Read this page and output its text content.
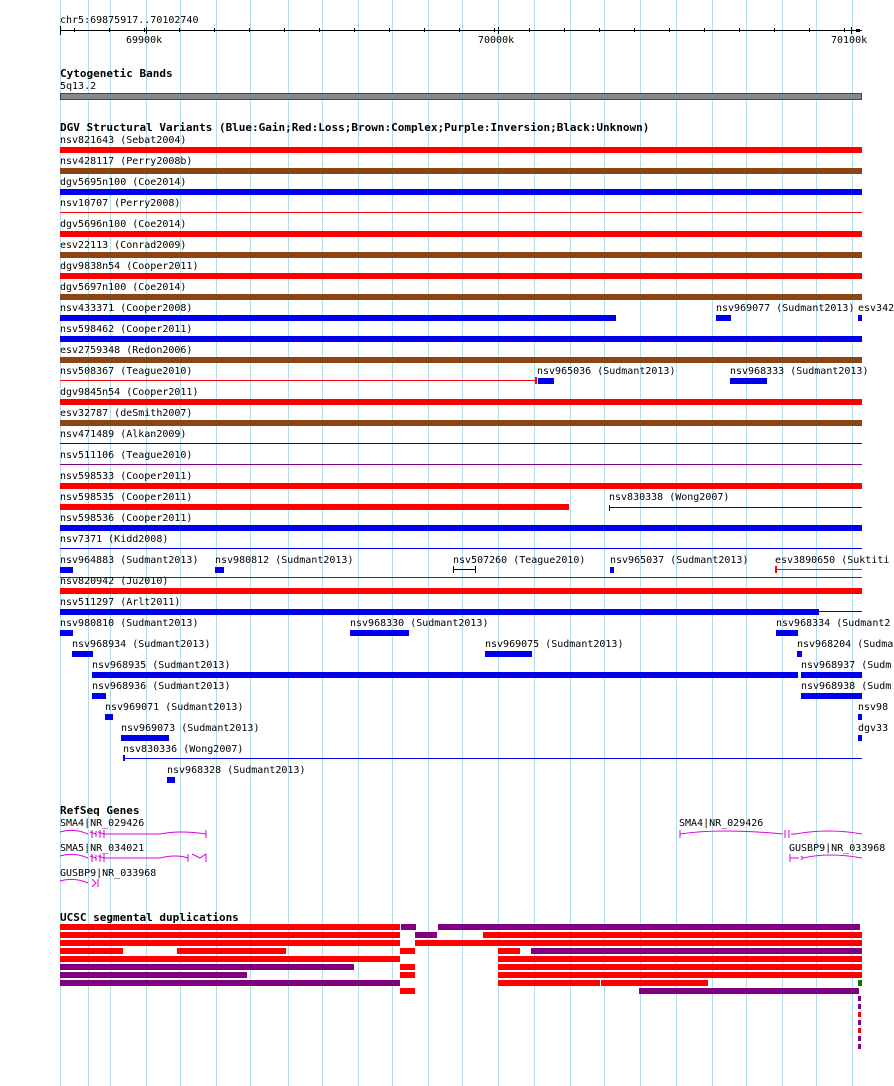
chr5:69875917..70102740
69900k	70000k	70100k
Cytogenetic Bands
5q13.2
DGV Structural Variants (Blue:Gain;Red:Loss;Brown:Complex;Purple:Inversion;Black:Unknown)
nsv821643 (Sebat2004)
nsv428117 (Perry2008b)
dgv5695n100 (Coe2014)
nsv10707 (Perry2008)
dgv5696n100 (Coe2014)
esv22113 (Conrad2009)
dgv9838n54 (Cooper2011)
dgv5697n100 (Coe2014)
nsv433371 (Cooper2008)	nsv969077 (Sudmant2013) esv342
nsv598462 (Cooper2011)
esv2759348 (Redon2006)
nsv508367 (Teague2010)	nsv965036 (Sudmant2013)	nsv968333 (Sudmant2013)
dgv9845n54 (Cooper2011)
esv32787 (deSmith2007)
nsv471489 (Alkan2009)
nsv511106 (Teague2010)
nsv598533 (Cooper2011)
nsv598535 (Cooper2011)	nsv830338 (Wong2007)
nsv598536 (Cooper2011)
nsv7371 (Kidd2008)
nsv964883 (Sudmant2013) nsv980812 (Sudmant2013)	nsv507260 (Teague2010) nsv965037 (Sudmant2013)	esv3890650 (Suktiti
nsv820942 (Ju2010)
nsv511297 (Arlt2011)
nsv980810 (Sudmant2013)	nsv968330 (Sudmant2013)	nsv968334 (Sudmant2
nsv968934 (Sudmant2013)	nsv969075 (Sudmant2013)	nsv968204 (Sudma
nsv968935 (Sudmant2013)	nsv968937 (Sudm
nsv968936 (Sudmant2013)	nsv968938 (Sudm
nsv969071 (Sudmant2013)	nsv98
nsv969073 (Sudmant2013)	dgv33
nsv830336 (Wong2007)
nsv968328 (Sudmant2013)
RefSeq Genes
SMA4|NR_029426
SMA5|NR_034021
GUSBP9|NR_033968
SMA4|NR_029426
GUSBP9|NR_033968
UCSC segmental duplications
